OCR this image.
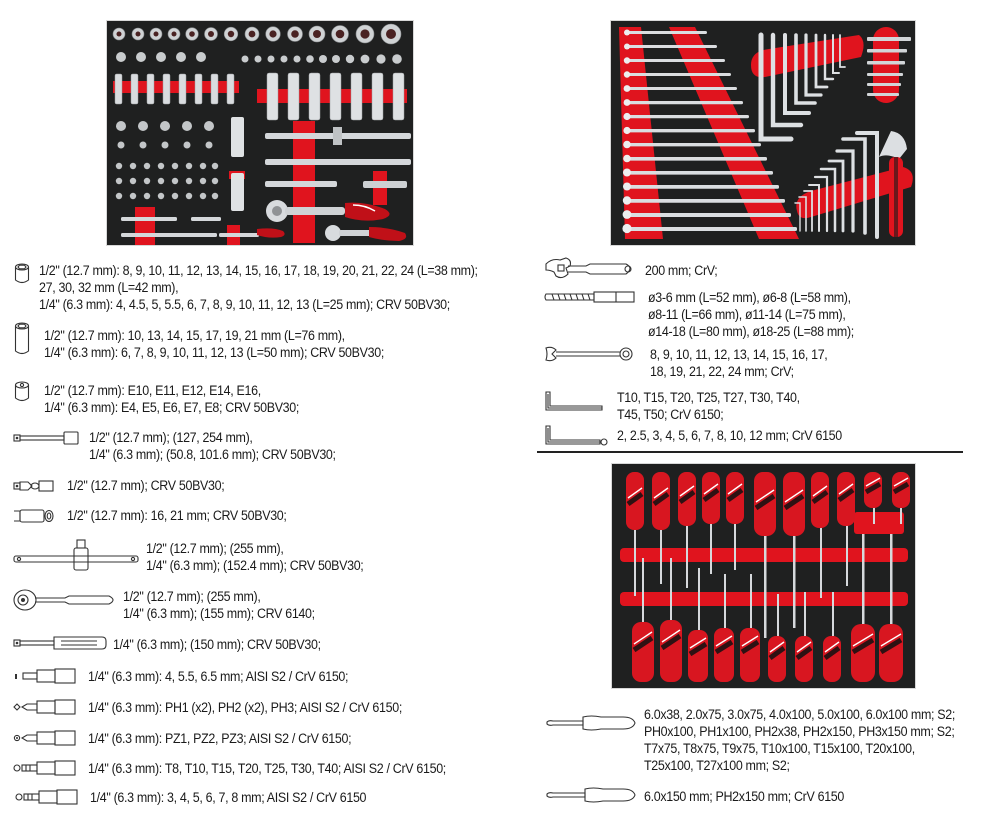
1/2" (12.7 mm): 8, 9, 10, 11, 12, 13, 14, 15, 16, 17, 18, 19, 20, 21, 22, 24 (L=38 mm);
27, 30, 32 mm (L=42 mm),
1/4" (6.3 mm): 4, 4.5, 5, 5.5, 6, 7, 8, 9, 10, 11, 12, 13 (L=25 mm); CRV 50BV30;
1/2" (12.7 mm): 10, 13, 14, 15, 17, 19, 21 mm (L=76 mm),
1/4" (6.3 mm): 6, 7, 8, 9, 10, 11, 12, 13 (L=50 mm); CRV 50BV30;
1/2" (12.7 mm): E10, E11, E12, E14, E16,
1/4" (6.3 mm): E4, E5, E6, E7, E8; CRV 50BV30;
1/2" (12.7 mm); (127, 254 mm),
1/4" (6.3 mm); (50.8, 101.6 mm); CRV 50BV30;
1/2" (12.7 mm); CRV 50BV30;
1/2" (12.7 mm): 16, 21 mm; CRV 50BV30;
1/2" (12.7 mm); (255 mm),
1/4" (6.3 mm); (152.4 mm); CRV 50BV30;
1/2" (12.7 mm); (255 mm),
1/4" (6.3 mm); (155 mm); CRV 6140;
1/4" (6.3 mm); (150 mm); CRV 50BV30;
1/4" (6.3 mm): 4, 5.5, 6.5 mm; AISI S2 / CrV 6150;
1/4" (6.3 mm): PH1 (x2), PH2 (x2), PH3; AISI S2 / CrV 6150;
1/4" (6.3 mm): PZ1, PZ2, PZ3; AISI S2 / CrV 6150;
1/4" (6.3 mm): T8, T10, T15, T20, T25, T30, T40; AISI S2 / CrV 6150;
1/4" (6.3 mm): 3, 4, 5, 6, 7, 8 mm; AISI S2 / CrV 6150
200 mm; CrV;
ø3-6 mm (L=52 mm), ø6-8 (L=58 mm),
ø8-11 (L=66 mm), ø11-14 (L=75 mm),
ø14-18 (L=80 mm), ø18-25 (L=88 mm);
8, 9, 10, 11, 12, 13, 14, 15, 16, 17,
18, 19, 21, 22, 24 mm; CrV;
T10, T15, T20, T25, T27, T30, T40,
T45, T50; CrV 6150;
2, 2.5, 3, 4, 5, 6, 7, 8, 10, 12 mm; CrV 6150
6.0x38, 2.0x75, 3.0x75, 4.0x100, 5.0x100, 6.0x100 mm; S2;
PH0x100, PH1x100, PH2x38, PH2x150, PH3x150 mm; S2;
T7x75, T8x75, T9x75, T10x100, T15x100, T20x100,
T25x100, T27x100 mm; S2;
6.0x150 mm; PH2x150 mm; CrV 6150
